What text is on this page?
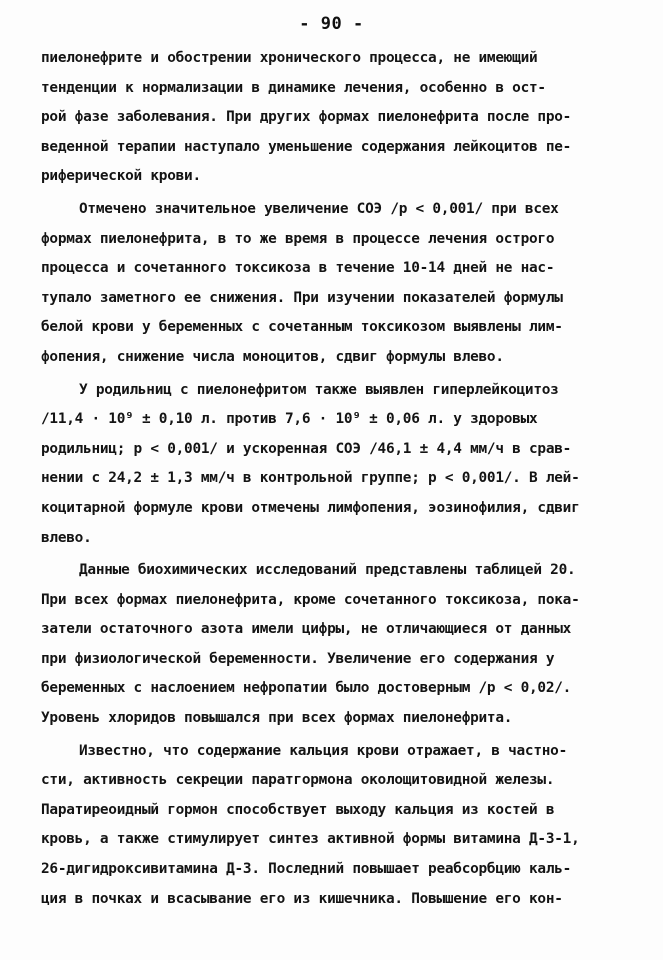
- 90 -
пиелонефрите и обострении хронического процесса, не имеющий
тенденции к нормализации в динамике лечения, особенно в ост-
рой фазе заболевания. При других формах пиелонефрита после про-
веденной терапии наступало уменьшение содержания лейкоцитов пе-
риферической крови.
Отмечено значительное увеличение СОЭ /р < 0,001/ при всех
формах пиелонефрита, в то же время в процессе лечения острого
процесса и сочетанного токсикоза в течение 10-14 дней не нас-
тупало заметного ее снижения. При изучении показателей формулы
белой крови у беременных с сочетанным токсикозом выявлены лим-
фопения, снижение числа моноцитов, сдвиг формулы влево.
У родильниц с пиелонефритом также выявлен гиперлейкоцитоз
/11,4 · 10⁹ ± 0,10 л. против 7,6 · 10⁹ ± 0,06 л. у здоровых
родильниц; р < 0,001/ и ускоренная СОЭ /46,1 ± 4,4 мм/ч в срав-
нении с 24,2 ± 1,3 мм/ч в контрольной группе; р < 0,001/. В лей-
коцитарной формуле крови отмечены лимфопения, эозинофилия, сдвиг
влево.
Данные биохимических исследований представлены таблицей 20.
При всех формах пиелонефрита, кроме сочетанного токсикоза, пока-
затели остаточного азота имели цифры, не отличающиеся от данных
при физиологической беременности. Увеличение его содержания у
беременных с наслоением нефропатии было достоверным /р < 0,02/.
Уровень хлоридов повышался при всех формах пиелонефрита.
Известно, что содержание кальция крови отражает, в частно-
сти, активность секреции паратгормона околощитовидной железы.
Паратиреоидный гормон способствует выходу кальция из костей в
кровь, а также стимулирует синтез активной формы витамина Д-3-1,
26-дигидроксивитамина Д-3. Последний повышает реабсорбцию каль-
ция в почках и всасывание его из кишечника. Повышение его кон-
